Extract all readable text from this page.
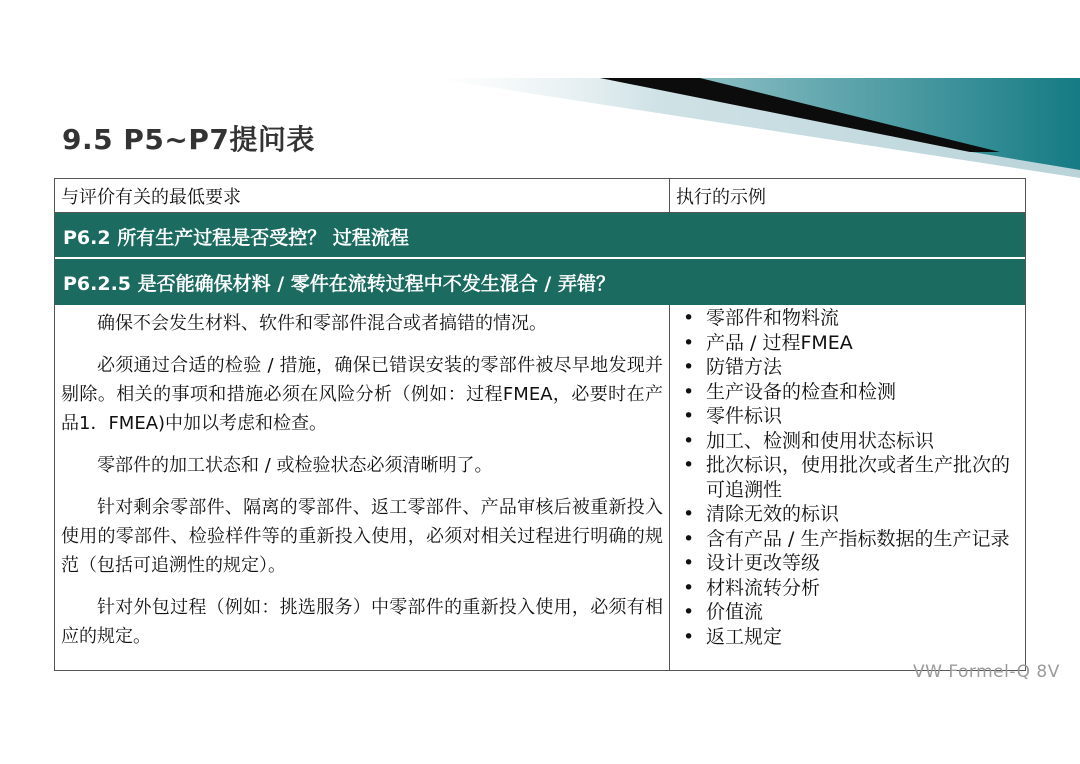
9.5 P5~P7提问表
与评价有关的最低要求	执行的示例
P6.2 所有生产过程是否受控？ 过程流程
P6.2.5 是否能确保材料 / 零件在流转过程中不发生混合 / 弄错？

确保不会发生材料、软件和零部件混合或者搞错的情况。

必须通过合适的检验 / 措施，确保已错误安装的零部件被尽早地发现并剔除。相关的事项和措施必须在风险分析（例如：过程FMEA，必要时在产品1．FMEA)中加以考虑和检查。

零部件的加工状态和 / 或检验状态必须清晰明了。

针对剩余零部件、隔离的零部件、返工零部件、产品审核后被重新投入使用的零部件、检验样件等的重新投入使用，必须对相关过程进行明确的规范（包括可追溯性的规定）。

针对外包过程（例如：挑选服务）中零部件的重新投入使用，必须有相应的规定。

• 零部件和物料流
• 产品 / 过程FMEA
• 防错方法
• 生产设备的检查和检测
• 零件标识
• 加工、检测和使用状态标识
• 批次标识，使用批次或者生产批次的可追溯性
• 清除无效的标识
• 含有产品 / 生产指标数据的生产记录
• 设计更改等级
• 材料流转分析
• 价值流
• 返工规定
VW Formel-Q 8V
